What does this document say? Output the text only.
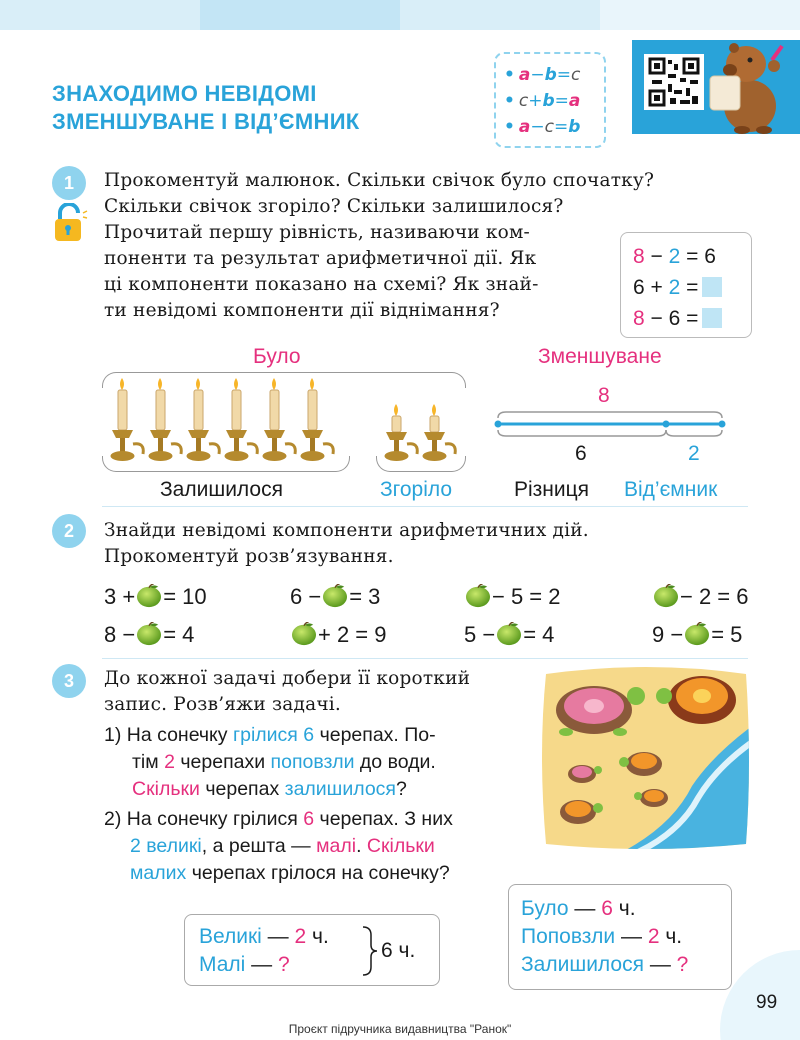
ЗНАХОДИМО НЕВІДОМІ
ЗМЕНШУВАНЕ І ВІД’ЄМНИК
• a−b=c
• c+b=a
• a−c=b
1	Прокоментуй малюнок. Скільки свічок було спочатку?
Скільки свічок згоріло? Скільки залишилося?
Прочитай першу рівність, називаючи ком-
поненти та результат арифметичної дії. Як
ці компоненти показано на схемі? Як знай-
ти невідомі компоненти дії віднімання?
8 − 2 = 6
6 + 2 =
8 − 6 =
Було
Залишилося	Згоріло
Зменшуване
8
6	2
Різниця Від’ємник
2	Знайди невідомі компоненти арифметичних дій.
Прокоментуй розв’язування.
3 + = 10	6 − = 3	− 5 = 2	− 2 = 6
8 − = 4	+ 2 = 9	5 − = 4	9 − = 5
3	До кожної задачі добери її короткий
запис. Розв’яжи задачі.
1) На сонечку грілися 6 черепах. По-
тім 2 черепахи поповзли до води.
Скільки черепах залишилося?
2) На сонечку грілися 6 черепах. З них
2 великі, а решта — малі. Скільки
малих черепах грілося на сонечку?
Великі — 2 ч.
Малі — ?
6 ч.
Було — 6 ч.
Поповзли — 2 ч.
Залишилося — ?
99
Проєкт підручника видавництва "Ранок"
